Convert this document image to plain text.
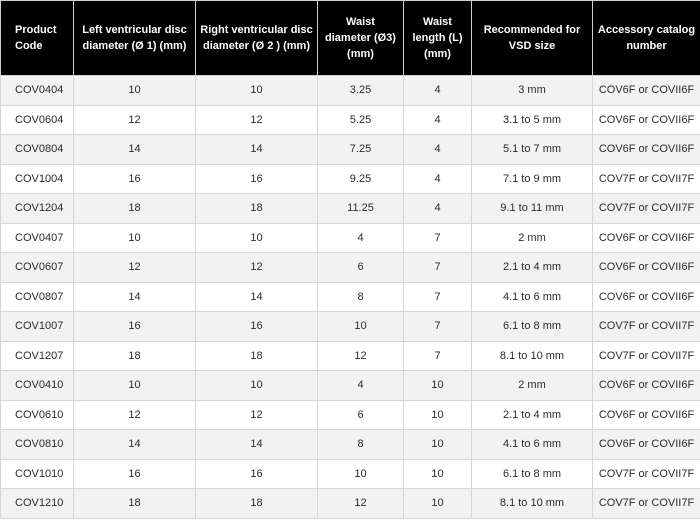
Product Code	Left ventricular disc diameter (Ø 1) (mm)	Right ventricular disc diameter (Ø 2 ) (mm)	Waist diameter (Ø3) (mm)	Waist length (L) (mm)	Recommended for VSD size	Accessory catalog number
COV0404	10	10	3.25	4	3 mm	COV6F or COVII6F
COV0604	12	12	5.25	4	3.1 to 5 mm	COV6F or COVII6F
COV0804	14	14	7.25	4	5.1 to 7 mm	COV6F or COVII6F
COV1004	16	16	9.25	4	7.1 to 9 mm	COV7F or COVII7F
COV1204	18	18	11.25	4	9.1 to 11 mm	COV7F or COVII7F
COV0407	10	10	4	7	2 mm	COV6F or COVII6F
COV0607	12	12	6	7	2.1 to 4 mm	COV6F or COVII6F
COV0807	14	14	8	7	4.1 to 6 mm	COV6F or COVII6F
COV1007	16	16	10	7	6.1 to 8 mm	COV7F or COVII7F
COV1207	18	18	12	7	8.1 to 10 mm	COV7F or COVII7F
COV0410	10	10	4	10	2 mm	COV6F or COVII6F
COV0610	12	12	6	10	2.1 to 4 mm	COV6F or COVII6F
COV0810	14	14	8	10	4.1 to 6 mm	COV6F or COVII6F
COV1010	16	16	10	10	6.1 to 8 mm	COV7F or COVII7F
COV1210	18	18	12	10	8.1 to 10 mm	COV7F or COVII7F
